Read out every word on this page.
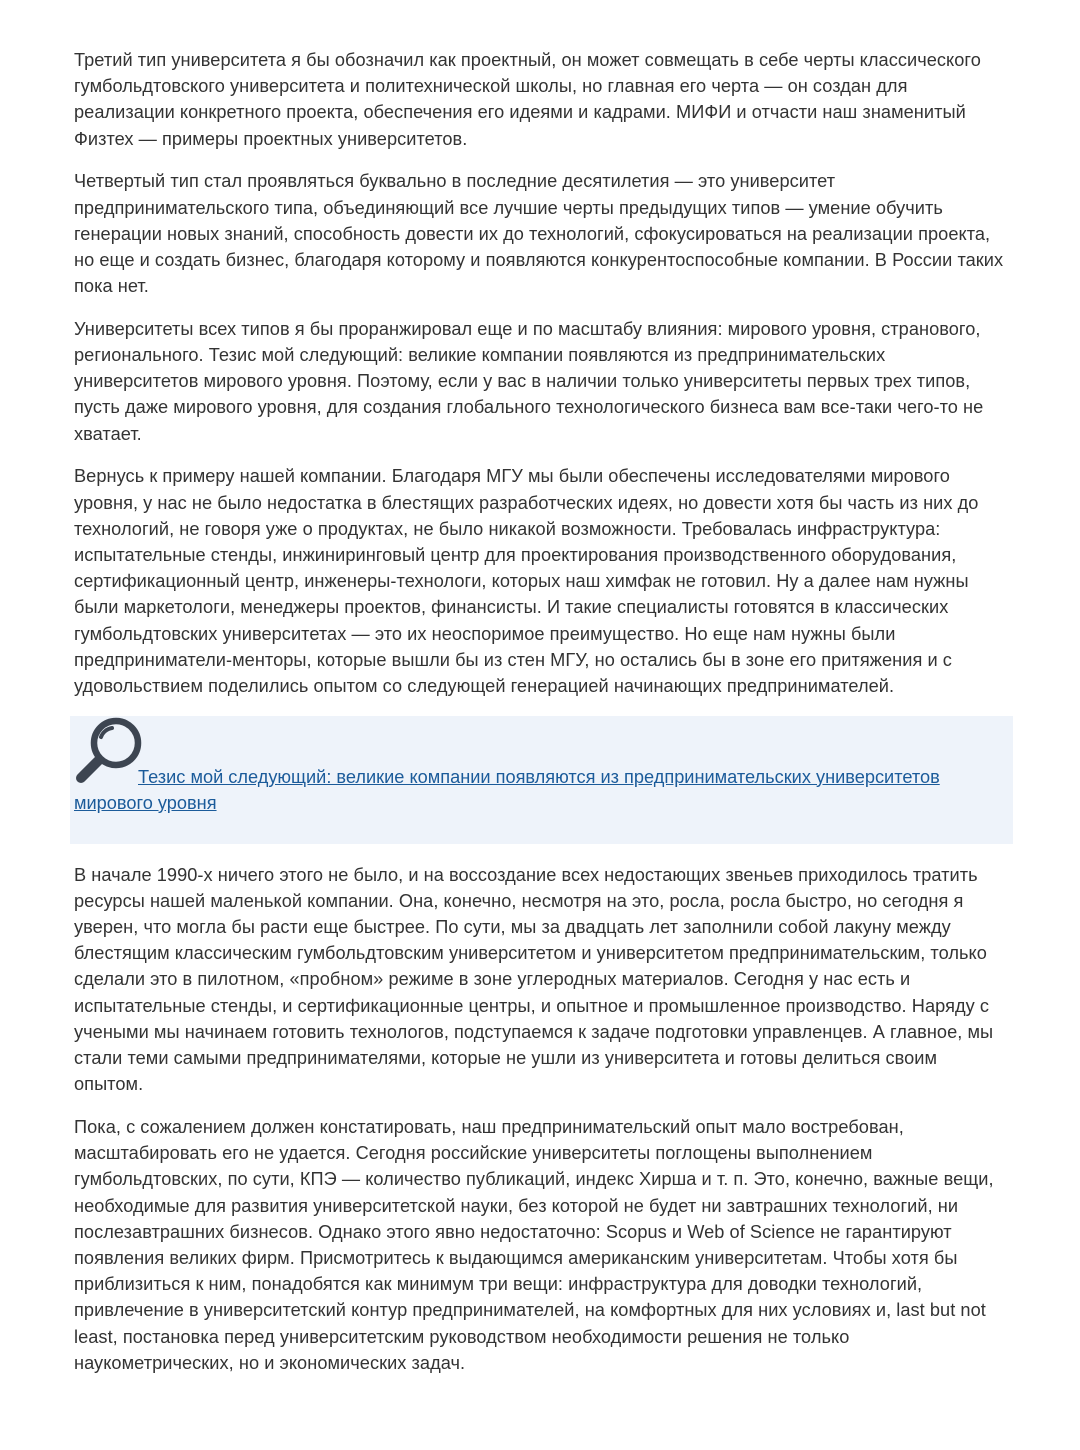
Третий тип университета я бы обозначил как проектный, он может совмещать в себе черты классического гумбольдтовского университета и политехнической школы, но главная его черта — он создан для реализации конкретного проекта, обеспечения его идеями и кадрами. МИФИ и отчасти наш знаменитый Физтех — примеры проектных университетов.

Четвертый тип стал проявляться буквально в последние десятилетия — это университет предпринимательского типа, объединяющий все лучшие черты предыдущих типов — умение обучить генерации новых знаний, способность довести их до технологий, сфокусироваться на реализации проекта, но еще и создать бизнес, благодаря которому и появляются конкурентоспособные компании. В России таких пока нет.

Университеты всех типов я бы проранжировал еще и по масштабу влияния: мирового уровня, странового, регионального. Тезис мой следующий: великие компании появляются из предпринимательских университетов мирового уровня. Поэтому, если у вас в наличии только университеты первых трех типов, пусть даже мирового уровня, для создания глобального технологического бизнеса вам все-таки чего-то не хватает.

Вернусь к примеру нашей компании. Благодаря МГУ мы были обеспечены исследователями мирового уровня, у нас не было недостатка в блестящих разработческих идеях, но довести хотя бы часть из них до технологий, не говоря уже о продуктах, не было никакой возможности. Требовалась инфраструктура: испытательные стенды, инжиниринговый центр для проектирования производственного оборудования, сертификационный центр, инженеры-технологи, которых наш химфак не готовил. Ну а далее нам нужны были маркетологи, менеджеры проектов, финансисты. И такие специалисты готовятся в классических гумбольдтовских университетах — это их неоспоримое преимущество. Но еще нам нужны были предприниматели-менторы, которые вышли бы из стен МГУ, но остались бы в зоне его притяжения и с удовольствием поделились опытом со следующей генерацией начинающих предпринимателей.

Тезис мой следующий: великие компании появляются из предпринимательских университетов мирового уровня

В начале 1990-х ничего этого не было, и на воссоздание всех недостающих звеньев приходилось тратить ресурсы нашей маленькой компании. Она, конечно, несмотря на это, росла, росла быстро, но сегодня я уверен, что могла бы расти еще быстрее. По сути, мы за двадцать лет заполнили собой лакуну между блестящим классическим гумбольдтовским университетом и университетом предпринимательским, только сделали это в пилотном, «пробном» режиме в зоне углеродных материалов. Сегодня у нас есть и испытательные стенды, и сертификационные центры, и опытное и промышленное производство. Наряду с учеными мы начинаем готовить технологов, подступаемся к задаче подготовки управленцев. А главное, мы стали теми самыми предпринимателями, которые не ушли из университета и готовы делиться своим опытом.

Пока, с сожалением должен констатировать, наш предпринимательский опыт мало востребован, масштабировать его не удается. Сегодня российские университеты поглощены выполнением гумбольдтовских, по сути, КПЭ — количество публикаций, индекс Хирша и т. п. Это, конечно, важные вещи, необходимые для развития университетской науки, без которой не будет ни завтрашних технологий, ни послезавтрашних бизнесов. Однако этого явно недостаточно: Scopus и Web of Science не гарантируют появления великих фирм. Присмотритесь к выдающимся американским университетам. Чтобы хотя бы приблизиться к ним, понадобятся как минимум три вещи: инфраструктура для доводки технологий, привлечение в университетский контур предпринимателей, на комфортных для них условиях и, last but not least, постановка перед университетским руководством необходимости решения не только наукометрических, но и экономических задач.
